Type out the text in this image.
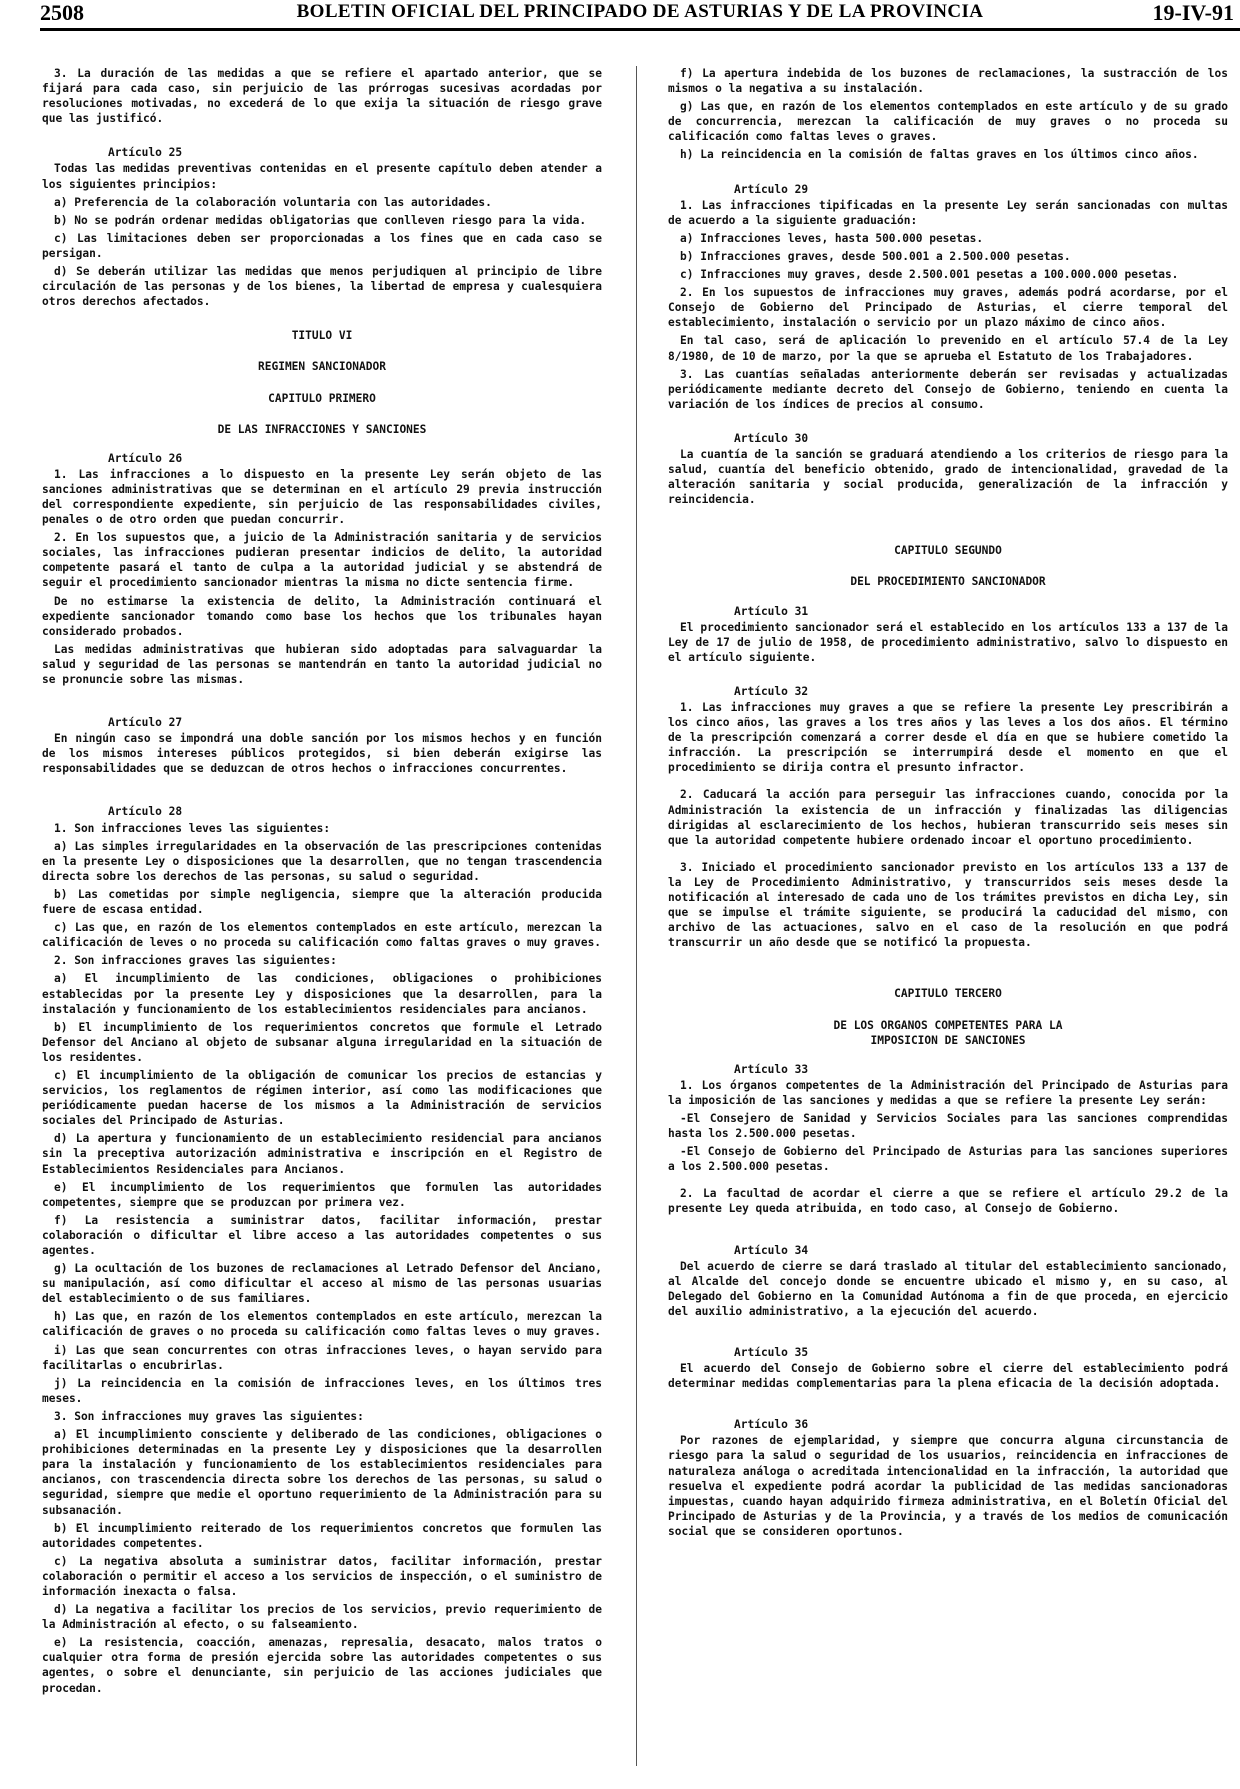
2508	BOLETIN OFICIAL DEL PRINCIPADO DE ASTURIAS Y DE LA PROVINCIA	19-IV-91
3. La duración de las medidas a que se refiere el apartado anterior, que se fijará para cada caso, sin perjuicio de las prórrogas sucesivas acordadas por resoluciones motivadas, no excederá de lo que exija la situación de riesgo grave que las justificó.
Artículo 25
Todas las medidas preventivas contenidas en el presente capítulo deben atender a los siguientes principios:
a) Preferencia de la colaboración voluntaria con las autoridades.
b) No se podrán ordenar medidas obligatorias que conlleven riesgo para la vida.
c) Las limitaciones deben ser proporcionadas a los fines que en cada caso se persigan.
d) Se deberán utilizar las medidas que menos perjudiquen al principio de libre circulación de las personas y de los bienes, la libertad de empresa y cualesquiera otros derechos afectados.
TITULO VI
REGIMEN SANCIONADOR
CAPITULO PRIMERO
DE LAS INFRACCIONES Y SANCIONES
Artículo 26
1. Las infracciones a lo dispuesto en la presente Ley serán objeto de las sanciones administrativas que se determinan en el artículo 29 previa instrucción del correspondiente expediente, sin perjuicio de las responsabilidades civiles, penales o de otro orden que puedan concurrir.
2. En los supuestos que, a juicio de la Administración sanitaria y de servicios sociales, las infracciones pudieran presentar indicios de delito, la autoridad competente pasará el tanto de culpa a la autoridad judicial y se abstendrá de seguir el procedimiento sancionador mientras la misma no dicte sentencia firme.
De no estimarse la existencia de delito, la Administración continuará el expediente sancionador tomando como base los hechos que los tribunales hayan considerado probados.
Las medidas administrativas que hubieran sido adoptadas para salvaguardar la salud y seguridad de las personas se mantendrán en tanto la autoridad judicial no se pronuncie sobre las mismas.
Artículo 27
En ningún caso se impondrá una doble sanción por los mismos hechos y en función de los mismos intereses públicos protegidos, si bien deberán exigirse las responsabilidades que se deduzcan de otros hechos o infracciones concurrentes.
Artículo 28
1. Son infracciones leves las siguientes:
a) Las simples irregularidades en la observación de las prescripciones contenidas en la presente Ley o disposiciones que la desarrollen, que no tengan trascendencia directa sobre los derechos de las personas, su salud o seguridad.
b) Las cometidas por simple negligencia, siempre que la alteración producida fuere de escasa entidad.
c) Las que, en razón de los elementos contemplados en este artículo, merezcan la calificación de leves o no proceda su calificación como faltas graves o muy graves.
2. Son infracciones graves las siguientes:
a) El incumplimiento de las condiciones, obligaciones o prohibiciones establecidas por la presente Ley y disposiciones que la desarrollen, para la instalación y funcionamiento de los establecimientos residenciales para ancianos.
b) El incumplimiento de los requerimientos concretos que formule el Letrado Defensor del Anciano al objeto de subsanar alguna irregularidad en la situación de los residentes.
c) El incumplimiento de la obligación de comunicar los precios de estancias y servicios, los reglamentos de régimen interior, así como las modificaciones que periódicamente puedan hacerse de los mismos a la Administración de servicios sociales del Principado de Asturias.
d) La apertura y funcionamiento de un establecimiento residencial para ancianos sin la preceptiva autorización administrativa e inscripción en el Registro de Establecimientos Residenciales para Ancianos.
e) El incumplimiento de los requerimientos que formulen las autoridades competentes, siempre que se produzcan por primera vez.
f) La resistencia a suministrar datos, facilitar información, prestar colaboración o dificultar el libre acceso a las autoridades competentes o sus agentes.
g) La ocultación de los buzones de reclamaciones al Letrado Defensor del Anciano, su manipulación, así como dificultar el acceso al mismo de las personas usuarias del establecimiento o de sus familiares.
h) Las que, en razón de los elementos contemplados en este artículo, merezcan la calificación de graves o no proceda su calificación como faltas leves o muy graves.
i) Las que sean concurrentes con otras infracciones leves, o hayan servido para facilitarlas o encubrirlas.
j) La reincidencia en la comisión de infracciones leves, en los últimos tres meses.
3. Son infracciones muy graves las siguientes:
a) El incumplimiento consciente y deliberado de las condiciones, obligaciones o prohibiciones determinadas en la presente Ley y disposiciones que la desarrollen para la instalación y funcionamiento de los establecimientos residenciales para ancianos, con trascendencia directa sobre los derechos de las personas, su salud o seguridad, siempre que medie el oportuno requerimiento de la Administración para su subsanación.
b) El incumplimiento reiterado de los requerimientos concretos que formulen las autoridades competentes.
c) La negativa absoluta a suministrar datos, facilitar información, prestar colaboración o permitir el acceso a los servicios de inspección, o el suministro de información inexacta o falsa.
d) La negativa a facilitar los precios de los servicios, previo requerimiento de la Administración al efecto, o su falseamiento.
e) La resistencia, coacción, amenazas, represalia, desacato, malos tratos o cualquier otra forma de presión ejercida sobre las autoridades competentes o sus agentes, o sobre el denunciante, sin perjuicio de las acciones judiciales que procedan.
f) La apertura indebida de los buzones de reclamaciones, la sustracción de los mismos o la negativa a su instalación.
g) Las que, en razón de los elementos contemplados en este artículo y de su grado de concurrencia, merezcan la calificación de muy graves o no proceda su calificación como faltas leves o graves.
h) La reincidencia en la comisión de faltas graves en los últimos cinco años.
Artículo 29
1. Las infracciones tipificadas en la presente Ley serán sancionadas con multas de acuerdo a la siguiente graduación:
a) Infracciones leves, hasta 500.000 pesetas.
b) Infracciones graves, desde 500.001 a 2.500.000 pesetas.
c) Infracciones muy graves, desde 2.500.001 pesetas a 100.000.000 pesetas.
2. En los supuestos de infracciones muy graves, además podrá acordarse, por el Consejo de Gobierno del Principado de Asturias, el cierre temporal del establecimiento, instalación o servicio por un plazo máximo de cinco años.
En tal caso, será de aplicación lo prevenido en el artículo 57.4 de la Ley 8/1980, de 10 de marzo, por la que se aprueba el Estatuto de los Trabajadores.
3. Las cuantías señaladas anteriormente deberán ser revisadas y actualizadas periódicamente mediante decreto del Consejo de Gobierno, teniendo en cuenta la variación de los índices de precios al consumo.
Artículo 30
La cuantía de la sanción se graduará atendiendo a los criterios de riesgo para la salud, cuantía del beneficio obtenido, grado de intencionalidad, gravedad de la alteración sanitaria y social producida, generalización de la infracción y reincidencia.
CAPITULO SEGUNDO
DEL PROCEDIMIENTO SANCIONADOR
Artículo 31
El procedimiento sancionador será el establecido en los artículos 133 a 137 de la Ley de 17 de julio de 1958, de procedimiento administrativo, salvo lo dispuesto en el artículo siguiente.
Artículo 32
1. Las infracciones muy graves a que se refiere la presente Ley prescribirán a los cinco años, las graves a los tres años y las leves a los dos años. El término de la prescripción comenzará a correr desde el día en que se hubiere cometido la infracción. La prescripción se interrumpirá desde el momento en que el procedimiento se dirija contra el presunto infractor.
2. Caducará la acción para perseguir las infracciones cuando, conocida por la Administración la existencia de un infracción y finalizadas las diligencias dirigidas al esclarecimiento de los hechos, hubieran transcurrido seis meses sin que la autoridad competente hubiere ordenado incoar el oportuno procedimiento.
3. Iniciado el procedimiento sancionador previsto en los artículos 133 a 137 de la Ley de Procedimiento Administrativo, y transcurridos seis meses desde la notificación al interesado de cada uno de los trámites previstos en dicha Ley, sin que se impulse el trámite siguiente, se producirá la caducidad del mismo, con archivo de las actuaciones, salvo en el caso de la resolución en que podrá transcurrir un año desde que se notificó la propuesta.
CAPITULO TERCERO
DE LOS ORGANOS COMPETENTES PARA LA
IMPOSICION DE SANCIONES
Artículo 33
1. Los órganos competentes de la Administración del Principado de Asturias para la imposición de las sanciones y medidas a que se refiere la presente Ley serán:
-El Consejero de Sanidad y Servicios Sociales para las sanciones comprendidas hasta los 2.500.000 pesetas.
-El Consejo de Gobierno del Principado de Asturias para las sanciones superiores a los 2.500.000 pesetas.
2. La facultad de acordar el cierre a que se refiere el artículo 29.2 de la presente Ley queda atribuida, en todo caso, al Consejo de Gobierno.
Artículo 34
Del acuerdo de cierre se dará traslado al titular del establecimiento sancionado, al Alcalde del concejo donde se encuentre ubicado el mismo y, en su caso, al Delegado del Gobierno en la Comunidad Autónoma a fin de que proceda, en ejercicio del auxilio administrativo, a la ejecución del acuerdo.
Artículo 35
El acuerdo del Consejo de Gobierno sobre el cierre del establecimiento podrá determinar medidas complementarias para la plena eficacia de la decisión adoptada.
Artículo 36
Por razones de ejemplaridad, y siempre que concurra alguna circunstancia de riesgo para la salud o seguridad de los usuarios, reincidencia en infracciones de naturaleza análoga o acreditada intencionalidad en la infracción, la autoridad que resuelva el expediente podrá acordar la publicidad de las medidas sancionadoras impuestas, cuando hayan adquirido firmeza administrativa, en el Boletín Oficial del Principado de Asturias y de la Provincia, y a través de los medios de comunicación social que se consideren oportunos.
